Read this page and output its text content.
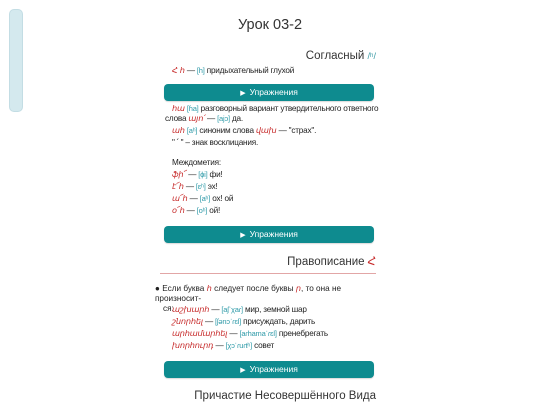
Урок 03-2
Согласный /ʰ/
Հ հ — [h] придыхательный глухой
▶ Упражнения
հա [ɦa] разговорный вариант утвердительного ответного
слова այո՛ — [ajɔ] да.
ահ [aʰ] синоним слова վախ — "страх".
" ՛ " – знак восклицания.
Междометия:
ֆի՜ — [ɸi] фи!
է՜հ — [ɛʰ] эх!
ա՜հ — [aʰ] ох! ой
օ՜հ — [oʰ] ой!
▶ Упражнения
Правописание Հ
● Если буква հ следует после буквы ր, то она не произносит-
ся:
աշխարհ — [aʃˈχaɾ] мир, земной шар
շնորհել — [ʃənɔˈɾɛl] присуждать, дарить
արհամարհել — [aɾhamaˈɾɛl] пренебрегать
խորհուրդ — [χɔˈɾuɾtʰ] совет
▶ Упражнения
Причастие Несовершённого Вида
